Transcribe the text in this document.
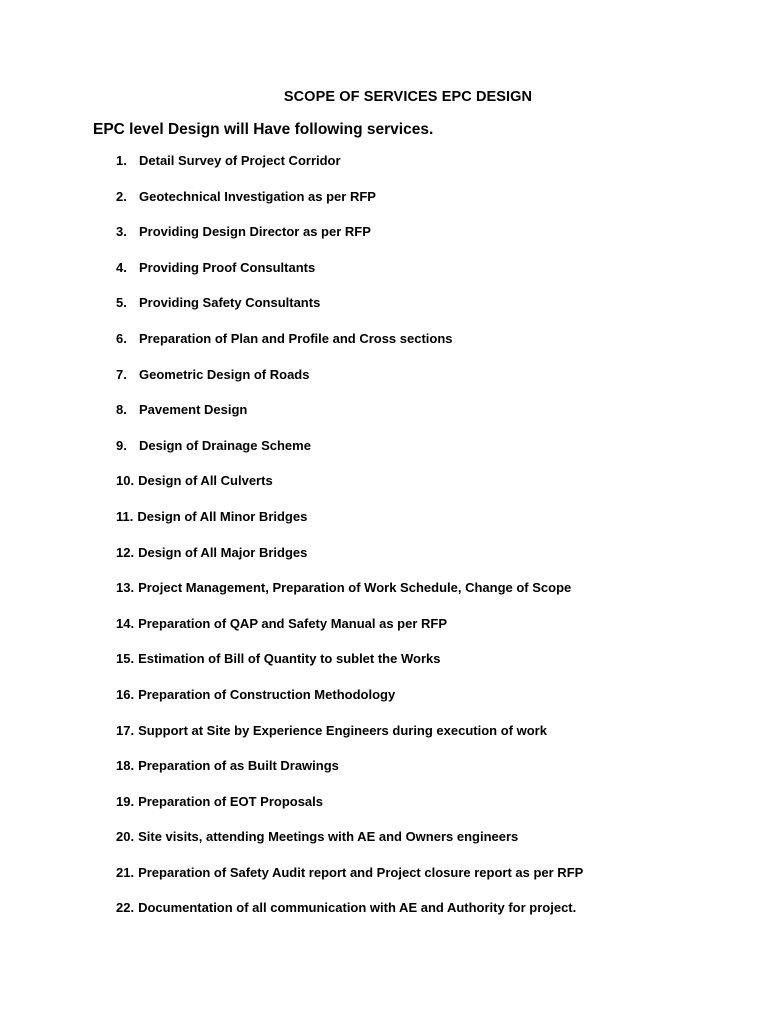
SCOPE OF SERVICES EPC DESIGN
EPC level Design will Have following services.
1. Detail Survey of Project Corridor
2. Geotechnical Investigation as per RFP
3. Providing Design Director as per RFP
4. Providing Proof Consultants
5. Providing Safety Consultants
6. Preparation of Plan and Profile and Cross sections
7. Geometric Design of Roads
8. Pavement Design
9. Design of Drainage Scheme
10. Design of All Culverts
11. Design of All Minor Bridges
12. Design of All Major Bridges
13. Project Management, Preparation of Work Schedule, Change of Scope
14. Preparation of QAP and Safety Manual as per RFP
15. Estimation of Bill of Quantity to sublet the Works
16. Preparation of Construction Methodology
17. Support at Site by Experience Engineers during execution of work
18. Preparation of as Built Drawings
19. Preparation of EOT Proposals
20. Site visits, attending Meetings with AE and Owners engineers
21. Preparation of Safety Audit report and Project closure report as per RFP
22. Documentation of all communication with AE and Authority for project.
